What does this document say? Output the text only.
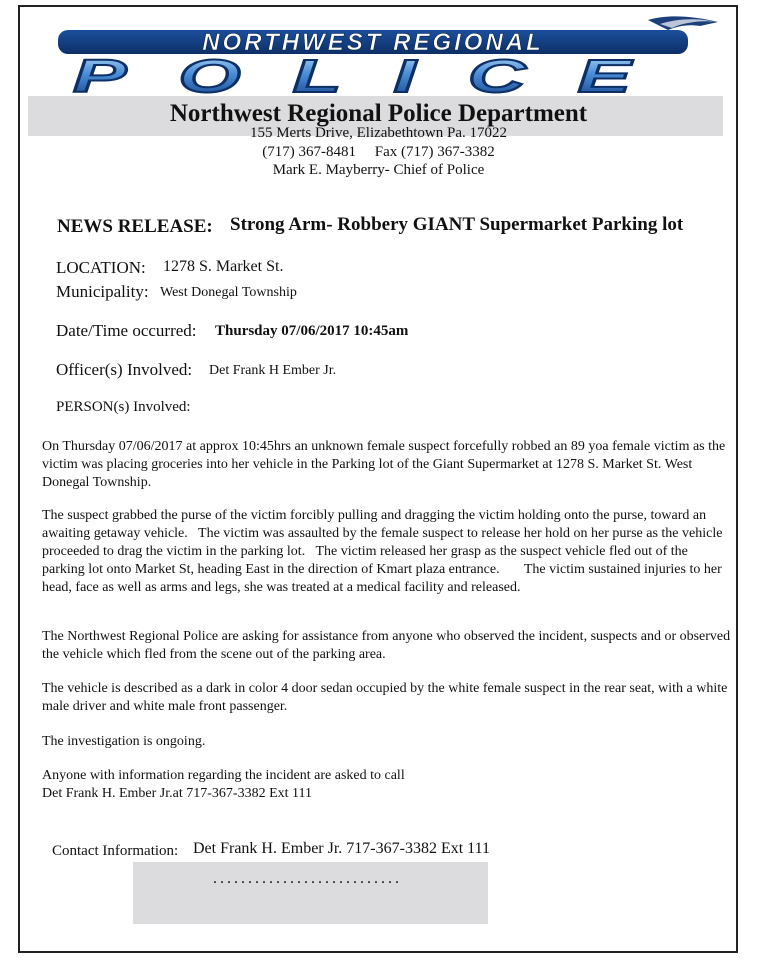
NORTHWEST REGIONAL
POLICE
Northwest Regional Police Department
155 Merts Drive, Elizabethtown Pa. 17022
(717) 367-8481     Fax (717) 367-3382
Mark E. Mayberry- Chief of Police
NEWS RELEASE: Strong Arm- Robbery GIANT Supermarket Parking lot
LOCATION: 1278 S. Market St.
Municipality: West Donegal Township
Date/Time occurred: Thursday 07/06/2017 10:45am
Officer(s) Involved: Det Frank H Ember Jr.
PERSON(s) Involved:
On Thursday 07/06/2017 at approx 10:45hrs an unknown female suspect forcefully robbed an 89 yoa female victim as the victim was placing groceries into her vehicle in the Parking lot of the Giant Supermarket at 1278 S. Market St. West Donegal Township.
The suspect grabbed the purse of the victim forcibly pulling and dragging the victim holding onto the purse, toward an awaiting getaway vehicle.   The victim was assaulted by the female suspect to release her hold on her purse as the vehicle proceeded to drag the victim in the parking lot.   The victim released her grasp as the suspect vehicle fled out of the parking lot onto Market St, heading East in the direction of Kmart plaza entrance.       The victim sustained injuries to her head, face as well as arms and legs, she was treated at a medical facility and released.
The Northwest Regional Police are asking for assistance from anyone who observed the incident, suspects and or observed the vehicle which fled from the scene out of the parking area.
The vehicle is described as a dark in color 4 door sedan occupied by the white female suspect in the rear seat, with a white male driver and white male front passenger.
The investigation is ongoing.
Anyone with information regarding the incident are asked to call
Det Frank H. Ember Jr.at 717-367-3382 Ext 111
Contact Information: Det Frank H. Ember Jr. 717-367-3382 Ext 111
...........................
